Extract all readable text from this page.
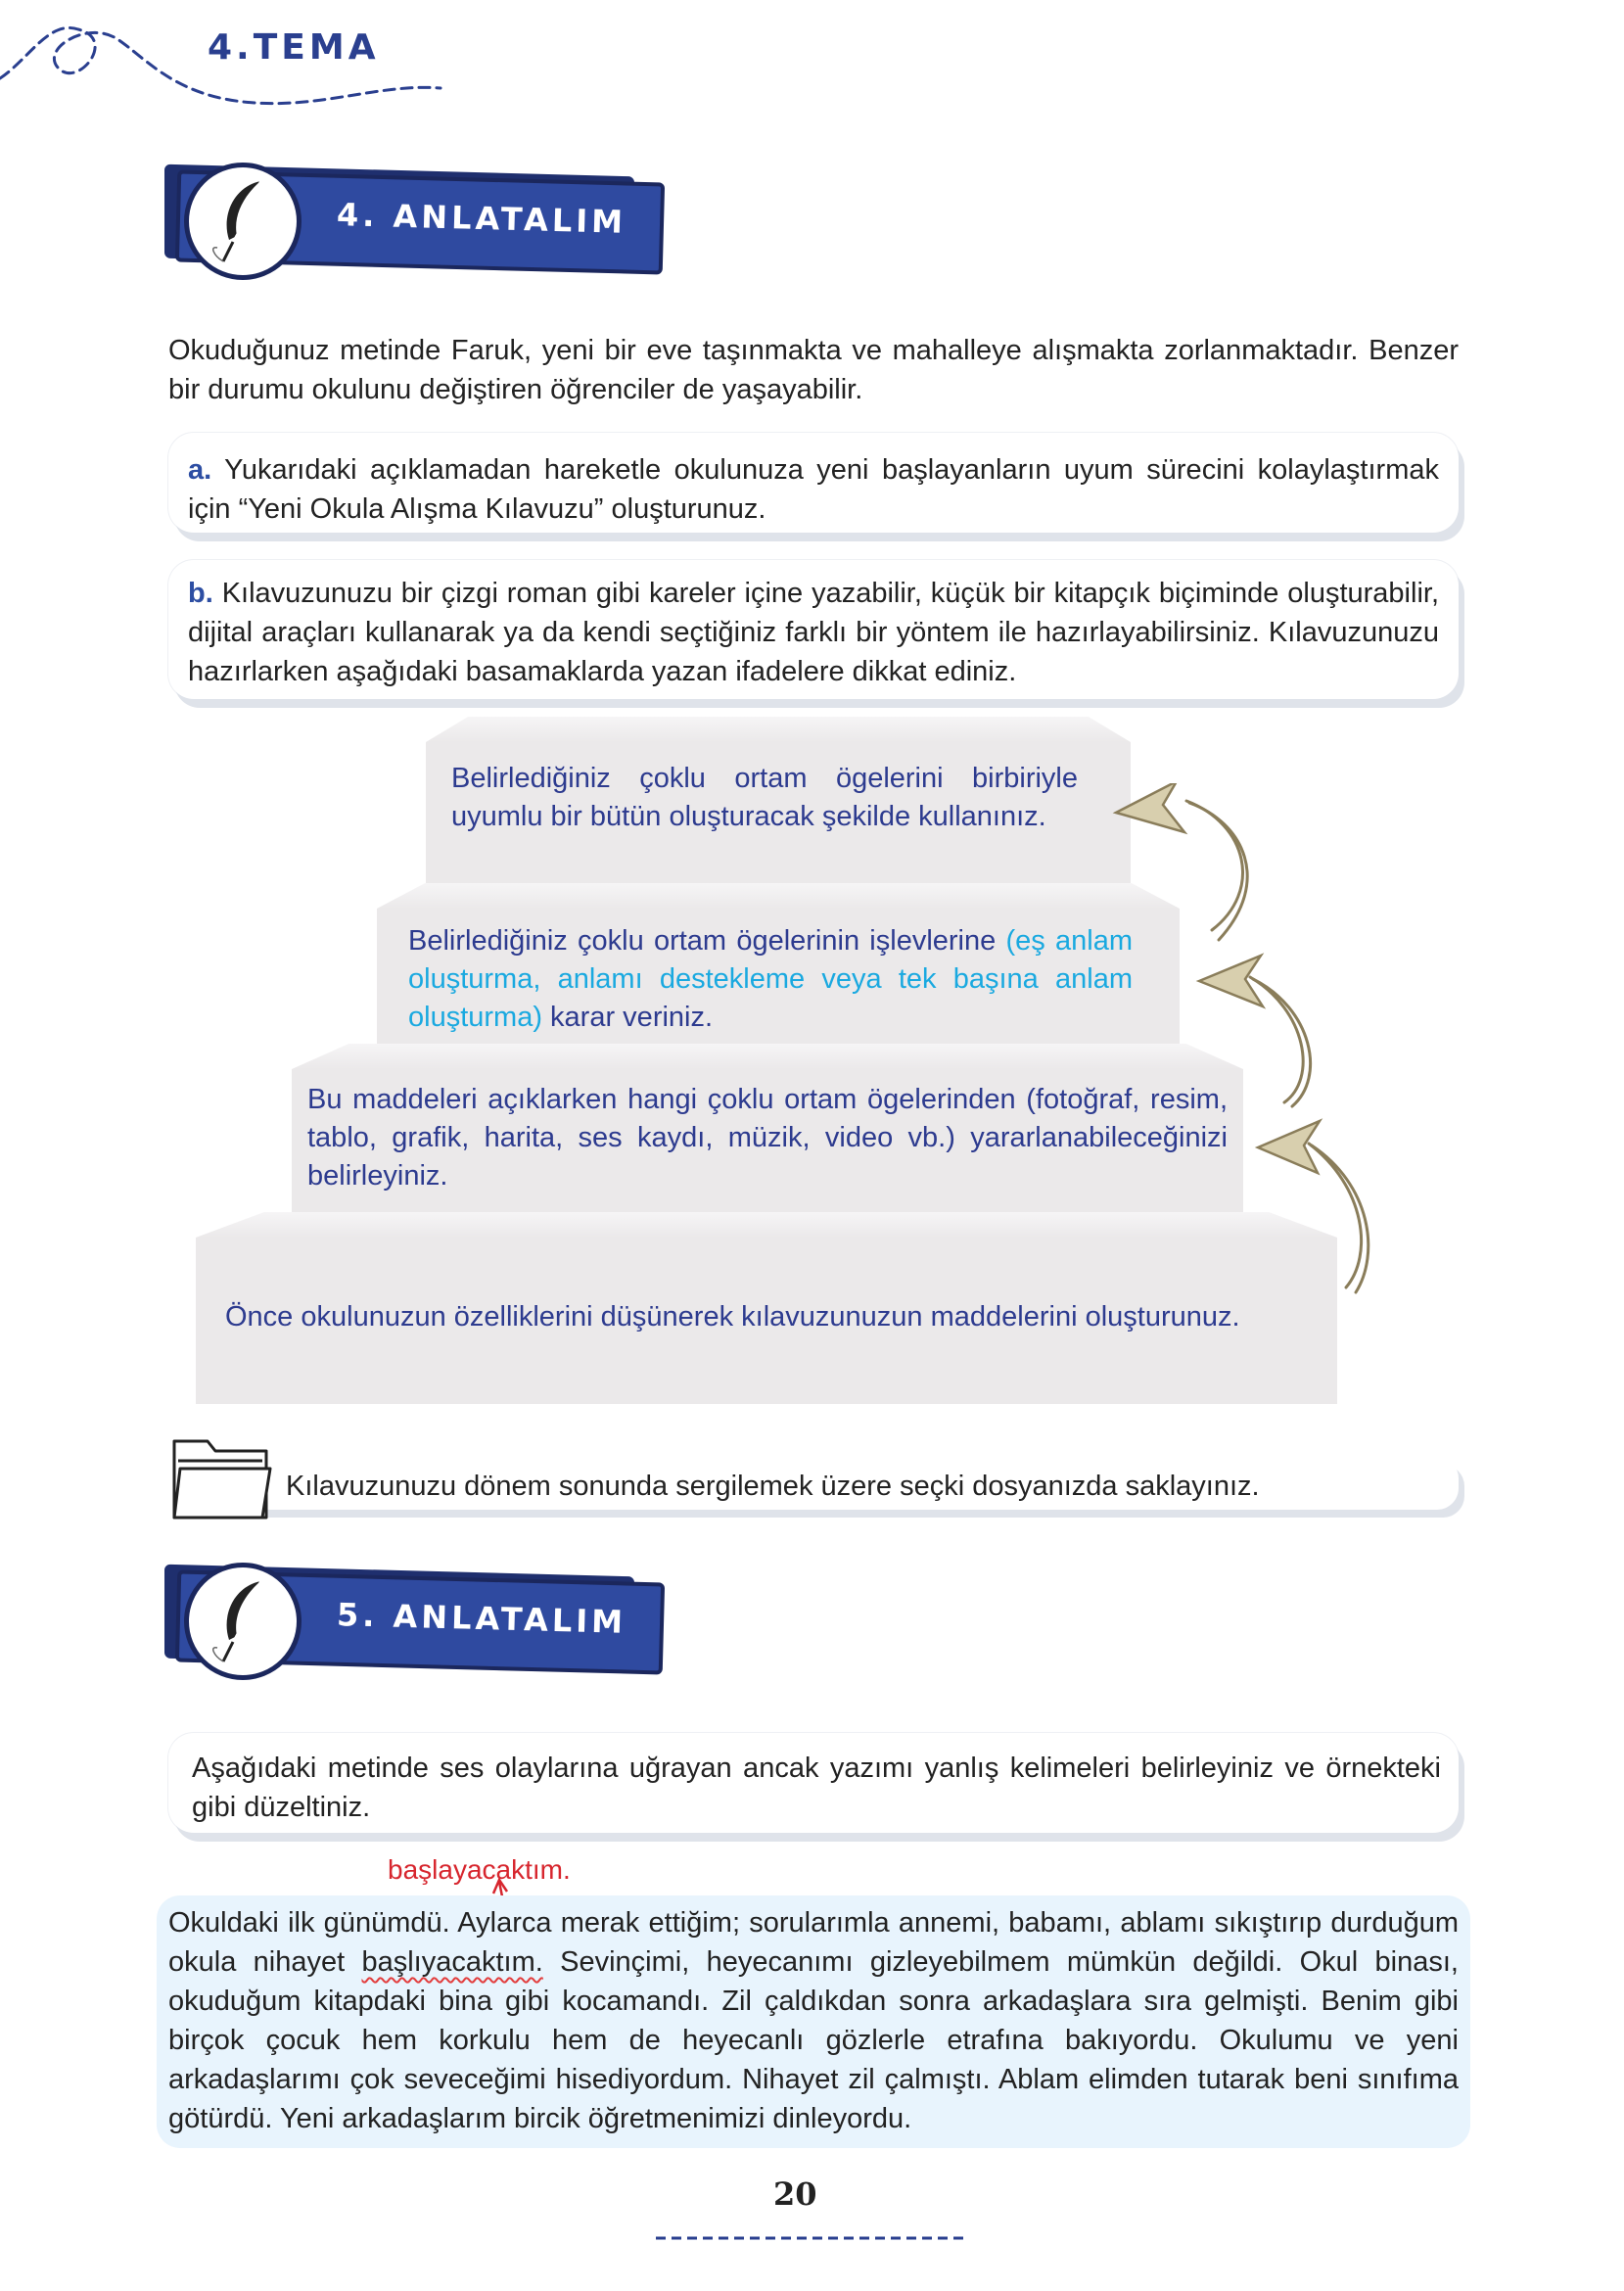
4.TEMA
4. ANLATALIM
Okuduğunuz metinde Faruk, yeni bir eve taşınmakta ve mahalleye alışmakta zorlanmaktadır. Benzer bir durumu okulunu değiştiren öğrenciler de yaşayabilir.
a. Yukarıdaki açıklamadan hareketle okulunuza yeni başlayanların uyum sürecini kolaylaştırmak için “Yeni Okula Alışma Kılavuzu” oluşturunuz.
b. Kılavuzunuzu bir çizgi roman gibi kareler içine yazabilir, küçük bir kitapçık biçiminde oluşturabilir, dijital araçları kullanarak ya da kendi seçtiğiniz farklı bir yöntem ile hazırlayabilirsiniz. Kılavuzunuzu hazırlarken aşağıdaki basamaklarda yazan ifadelere dikkat ediniz.
Belirlediğiniz çoklu ortam ögelerini birbiriyle uyumlu bir bütün oluşturacak şekilde kullanınız.
Belirlediğiniz çoklu ortam ögelerinin işlevlerine (eş anlam oluşturma, anlamı destekleme veya tek başına anlam oluşturma) karar veriniz.
Bu maddeleri açıklarken hangi çoklu ortam ögelerinden (fotoğraf, resim, tablo, grafik, harita, ses kaydı, müzik, video vb.) yararlanabileceğinizi belirleyiniz.
Önce okulunuzun özelliklerini düşünerek kılavuzunuzun maddelerini oluşturunuz.
Kılavuzunuzu dönem sonunda sergilemek üzere seçki dosyanızda saklayınız.
5. ANLATALIM
Aşağıdaki metinde ses olaylarına uğrayan ancak yazımı yanlış kelimeleri belirleyiniz ve örnekteki gibi düzeltiniz.
başlayacaktım.
Okuldaki ilk günümdü. Aylarca merak ettiğim; sorularımla annemi, babamı, ablamı sıkıştırıp durduğum okula nihayet başlıyacaktım. Sevinçimi, heyecanımı gizleyebilmem mümkün değildi. Okul binası, okuduğum kitapdaki bina gibi kocamandı. Zil çaldıkdan sonra arkadaşlara sıra gelmişti. Benim gibi birçok çocuk hem korkulu hem de heyecanlı gözlerle etrafına bakıyordu. Okulumu ve yeni arkadaşlarımı çok seveceğimi hisediyordum. Nihayet zil çalmıştı. Ablam elimden tutarak beni sınıfıma götürdü. Yeni arkadaşlarım bircik öğretmenimizi dinleyordu.
20
